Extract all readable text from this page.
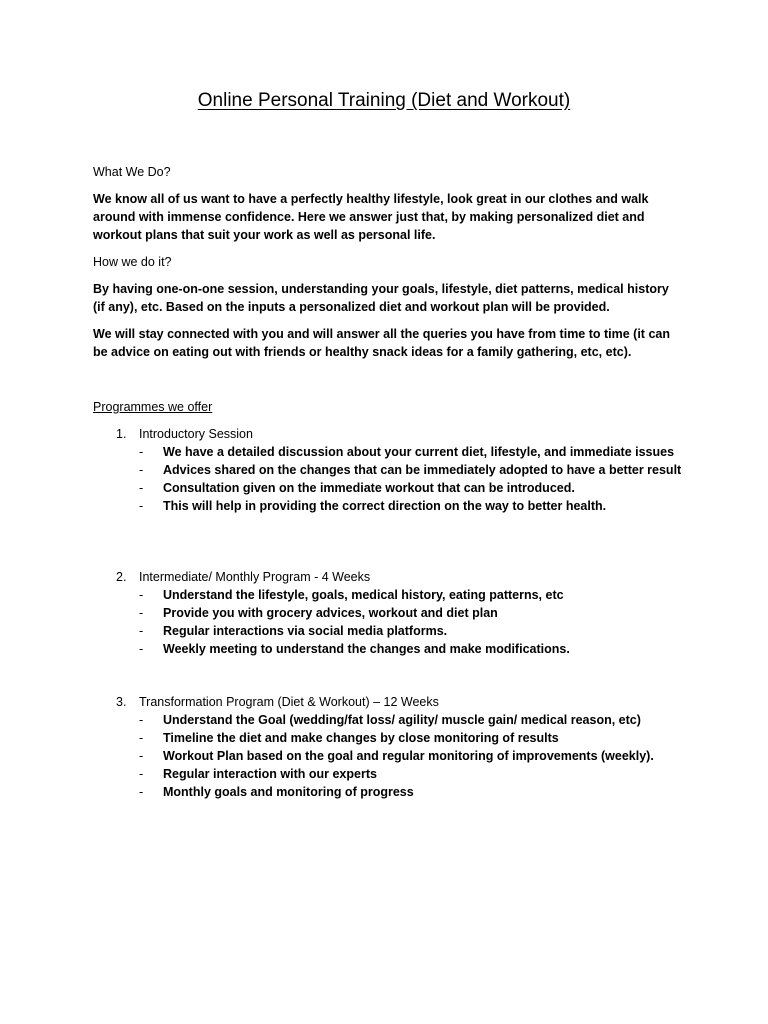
Online Personal Training (Diet and Workout)
What We Do?
We know all of us want to have a perfectly healthy lifestyle, look great in our clothes and walk around with immense confidence. Here we answer just that, by making personalized diet and workout plans that suit your work as well as personal life.
How we do it?
By having one-on-one session, understanding your goals, lifestyle, diet patterns, medical history (if any), etc. Based on the inputs a personalized diet and workout plan will be provided.
We will stay connected with you and will answer all the queries you have from time to time (it can be advice on eating out with friends or healthy snack ideas for a family gathering, etc, etc).
Programmes we offer
1. Introductory Session
- We have a detailed discussion about your current diet, lifestyle, and immediate issues
- Advices shared on the changes that can be immediately adopted to have a better result
- Consultation given on the immediate workout that can be introduced.
- This will help in providing the correct direction on the way to better health.
2. Intermediate/ Monthly Program - 4 Weeks
- Understand the lifestyle, goals, medical history, eating patterns, etc
- Provide you with grocery advices, workout and diet plan
- Regular interactions via social media platforms.
- Weekly meeting to understand the changes and make modifications.
3. Transformation Program (Diet & Workout) – 12 Weeks
- Understand the Goal (wedding/fat loss/ agility/ muscle gain/ medical reason, etc)
- Timeline the diet and make changes by close monitoring of results
- Workout Plan based on the goal and regular monitoring of improvements (weekly).
- Regular interaction with our experts
- Monthly goals and monitoring of progress
